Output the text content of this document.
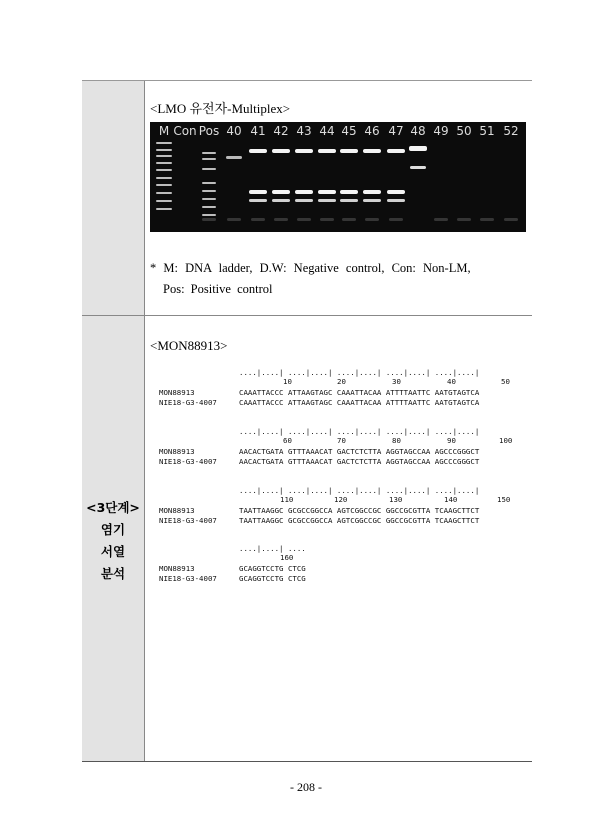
<3단계>
염기
서열
분석
<LMO 유전자-Multiplex>
M Con Pos 40 41 42 43 44 45 46 47 48 49 50 51 52
* M: DNA ladder, D.W: Negative control, Con: Non-LM,
Pos: Positive control
<MON88913>
....|....| ....|....| ....|....| ....|....| ....|....|
10	20	30	40	50
MON88913	CAAATTACCC ATTAAGTAGC CAAATTACAA ATTTTAATTC AATGTAGTCA
NIE18-G3-4007	CAAATTACCC ATTAAGTAGC CAAATTACAA ATTTTAATTC AATGTAGTCA
....|....| ....|....| ....|....| ....|....| ....|....|
60	70	80	90	100
MON88913	AACACTGATA GTTTAAACAT GACTCTCTTA AGGTAGCCAA AGCCCGGGCT
NIE18-G3-4007	AACACTGATA GTTTAAACAT GACTCTCTTA AGGTAGCCAA AGCCCGGGCT
....|....| ....|....| ....|....| ....|....| ....|....|
110	120	130	140	150
MON88913	TAATTAAGGC GCGCCGGCCA AGTCGGCCGC GGCCGCGTTA TCAAGCTTCT
NIE18-G3-4007	TAATTAAGGC GCGCCGGCCA AGTCGGCCGC GGCCGCGTTA TCAAGCTTCT
....|....| ....
160
MON88913	GCAGGTCCTG CTCG
NIE18-G3-4007	GCAGGTCCTG CTCG
- 208 -
